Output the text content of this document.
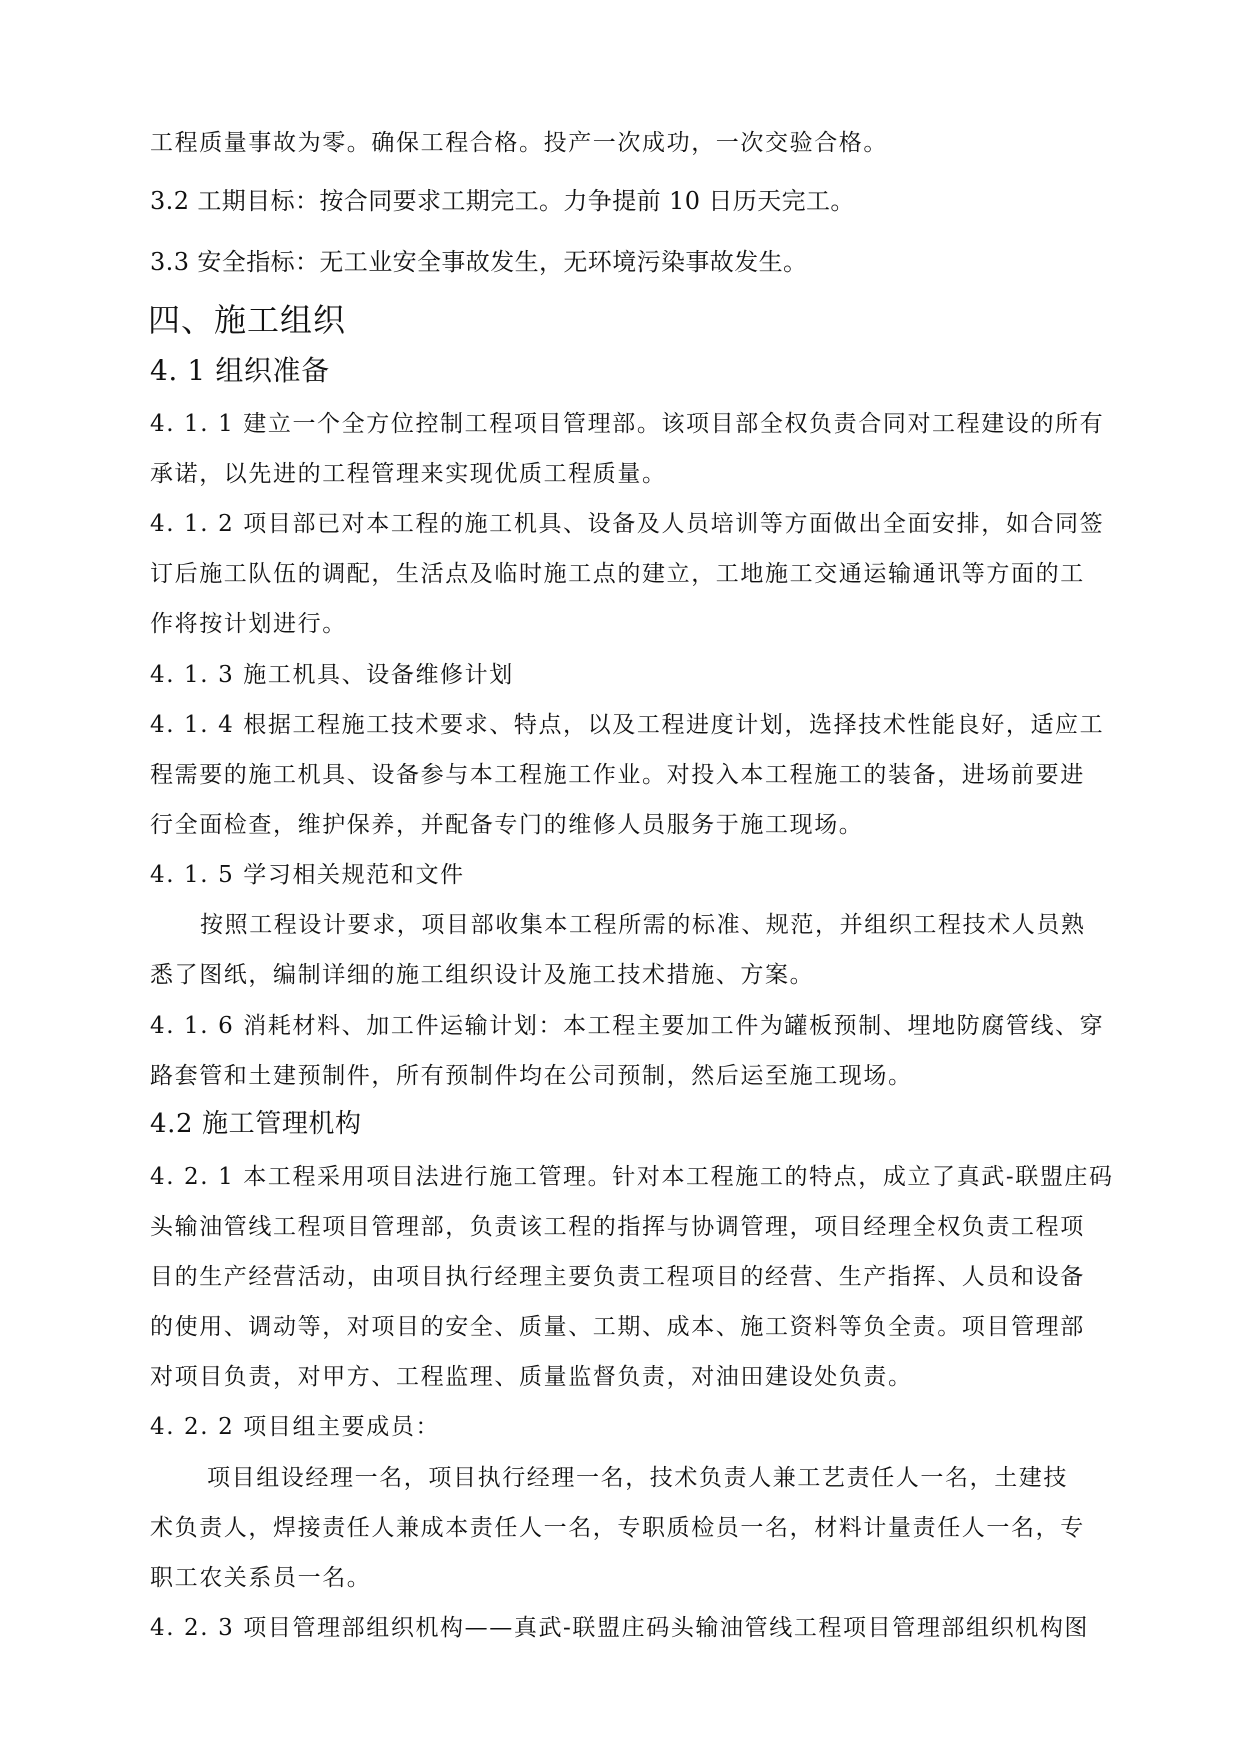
工程质量事故为零。确保工程合格。投产一次成功，一次交验合格。
3.2 工期目标：按合同要求工期完工。力争提前 10 日历天完工。
3.3 安全指标：无工业安全事故发生，无环境污染事故发生。
四、施工组织
4. 1 组织准备
4. 1. 1 建立一个全方位控制工程项目管理部。该项目部全权负责合同对工程建设的所有
承诺，以先进的工程管理来实现优质工程质量。
4. 1. 2 项目部已对本工程的施工机具、设备及人员培训等方面做出全面安排，如合同签
订后施工队伍的调配，生活点及临时施工点的建立，工地施工交通运输通讯等方面的工
作将按计划进行。
4. 1. 3 施工机具、设备维修计划
4. 1. 4 根据工程施工技术要求、特点，以及工程进度计划，选择技术性能良好，适应工
程需要的施工机具、设备参与本工程施工作业。对投入本工程施工的装备，进场前要进
行全面检查，维护保养，并配备专门的维修人员服务于施工现场。
4. 1. 5 学习相关规范和文件
按照工程设计要求，项目部收集本工程所需的标准、规范，并组织工程技术人员熟
悉了图纸，编制详细的施工组织设计及施工技术措施、方案。
4. 1. 6 消耗材料、加工件运输计划：本工程主要加工件为罐板预制、埋地防腐管线、穿
路套管和土建预制件，所有预制件均在公司预制，然后运至施工现场。
4.2 施工管理机构
4. 2. 1 本工程采用项目法进行施工管理。针对本工程施工的特点，成立了真武-联盟庄码
头输油管线工程项目管理部，负责该工程的指挥与协调管理，项目经理全权负责工程项
目的生产经营活动，由项目执行经理主要负责工程项目的经营、生产指挥、人员和设备
的使用、调动等，对项目的安全、质量、工期、成本、施工资料等负全责。项目管理部
对项目负责，对甲方、工程监理、质量监督负责，对油田建设处负责。
4. 2. 2 项目组主要成员：
项目组设经理一名，项目执行经理一名，技术负责人兼工艺责任人一名，土建技
术负责人，焊接责任人兼成本责任人一名，专职质检员一名，材料计量责任人一名，专
职工农关系员一名。
4. 2. 3 项目管理部组织机构——真武-联盟庄码头输油管线工程项目管理部组织机构图
